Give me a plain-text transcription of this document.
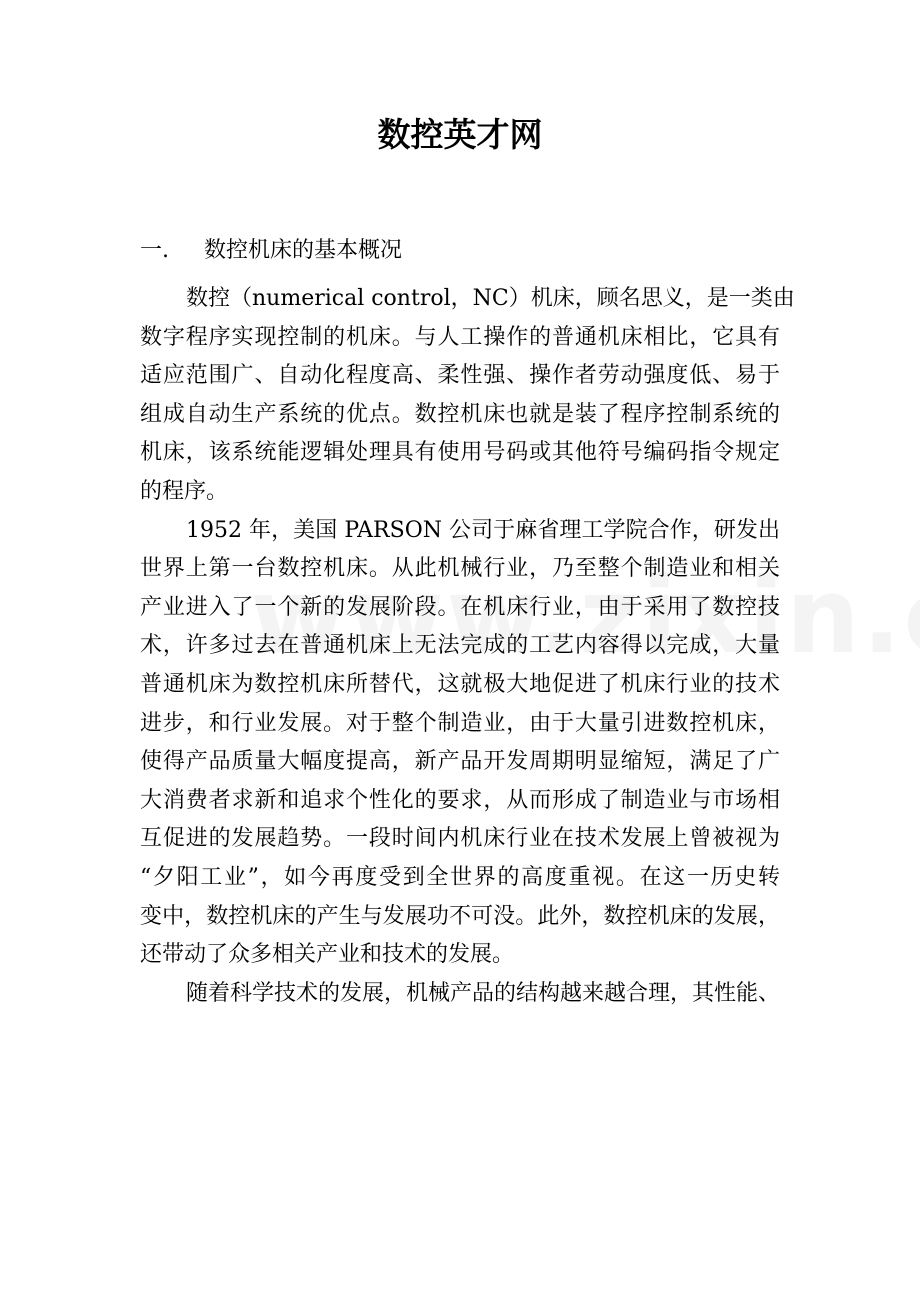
数控英才网
一. 数控机床的基本概况

数控（numerical control，NC）机床，顾名思义，是一类由
数字程序实现控制的机床。与人工操作的普通机床相比，它具有
适应范围广、自动化程度高、柔性强、操作者劳动强度低、易于
组成自动生产系统的优点。数控机床也就是装了程序控制系统的
机床，该系统能逻辑处理具有使用号码或其他符号编码指令规定
的程序。

1952 年，美国 PARSON 公司于麻省理工学院合作，研发出
世界上第一台数控机床。从此机械行业，乃至整个制造业和相关
产业进入了一个新的发展阶段。在机床行业，由于采用了数控技
术，许多过去在普通机床上无法完成的工艺内容得以完成，大量
普通机床为数控机床所替代，这就极大地促进了机床行业的技术
进步，和行业发展。对于整个制造业，由于大量引进数控机床，
使得产品质量大幅度提高，新产品开发周期明显缩短，满足了广
大消费者求新和追求个性化的要求，从而形成了制造业与市场相
互促进的发展趋势。一段时间内机床行业在技术发展上曾被视为
“夕阳工业”，如今再度受到全世界的高度重视。在这一历史转
变中，数控机床的产生与发展功不可没。此外，数控机床的发展，
还带动了众多相关产业和技术的发展。

随着科学技术的发展，机械产品的结构越来越合理，其性能、
